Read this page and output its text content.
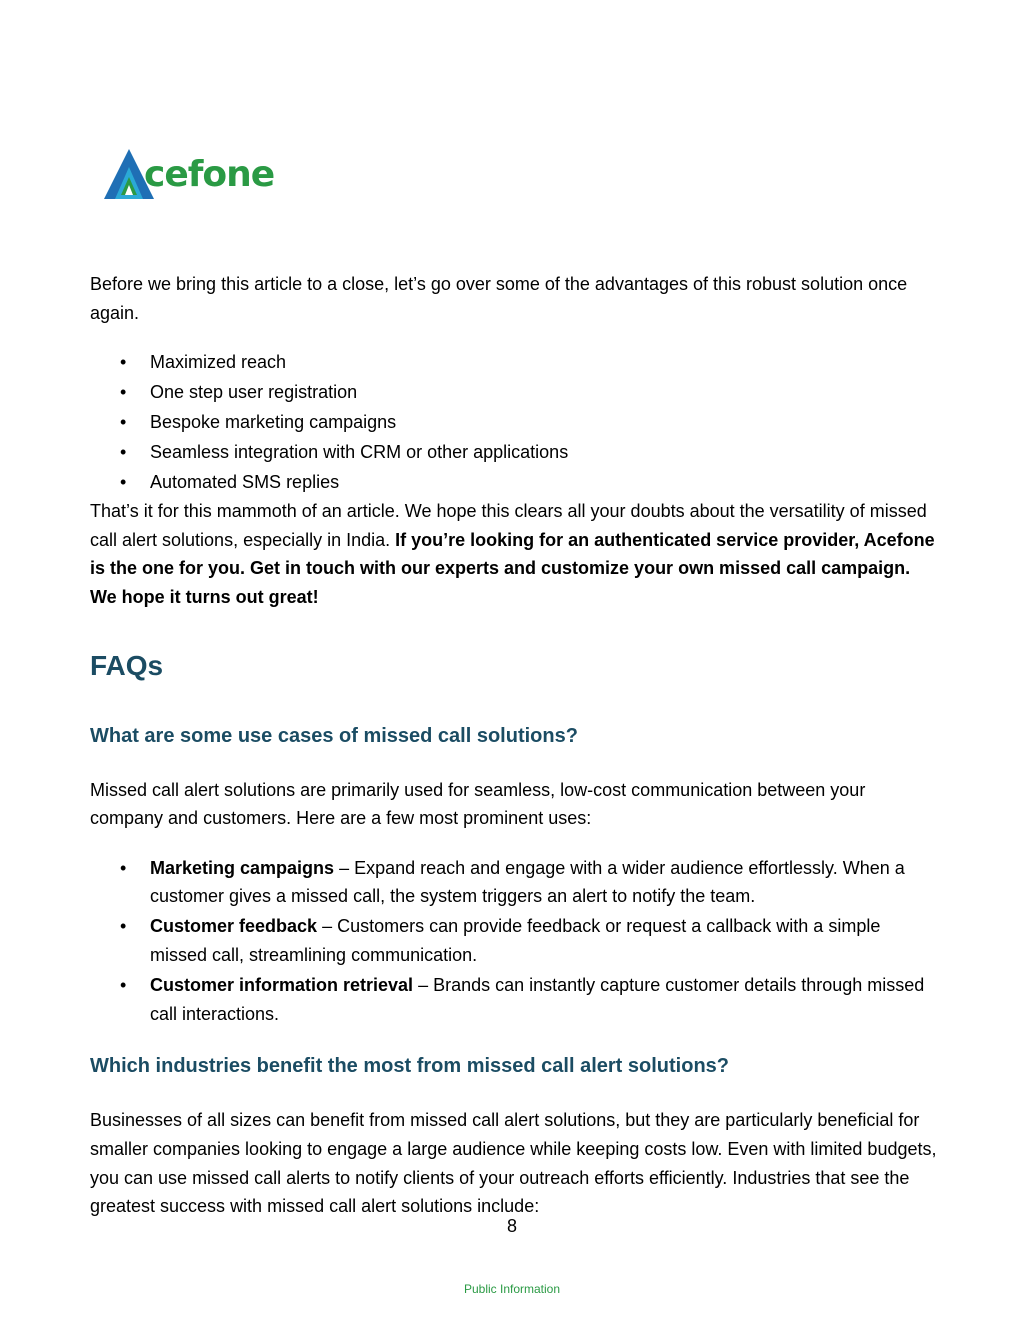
cefone

Before we bring this article to a close, let’s go over some of the advantages of this robust solution once again.

• Maximized reach
• One step user registration
• Bespoke marketing campaigns
• Seamless integration with CRM or other applications
• Automated SMS replies

That’s it for this mammoth of an article. We hope this clears all your doubts about the versatility of missed call alert solutions, especially in India. If you’re looking for an authenticated service provider, Acefone is the one for you. Get in touch with our experts and customize your own missed call campaign. We hope it turns out great!

FAQs
What are some use cases of missed call solutions?

Missed call alert solutions are primarily used for seamless, low-cost communication between your company and customers. Here are a few most prominent uses:

• Marketing campaigns – Expand reach and engage with a wider audience effortlessly. When a customer gives a missed call, the system triggers an alert to notify the team.
• Customer feedback – Customers can provide feedback or request a callback with a simple missed call, streamlining communication.
• Customer information retrieval – Brands can instantly capture customer details through missed call interactions.
Which industries benefit the most from missed call alert solutions?

Businesses of all sizes can benefit from missed call alert solutions, but they are particularly beneficial for smaller companies looking to engage a large audience while keeping costs low. Even with limited budgets, you can use missed call alerts to notify clients of your outreach efforts efficiently. Industries that see the greatest success with missed call alert solutions include:

8
Public Information
